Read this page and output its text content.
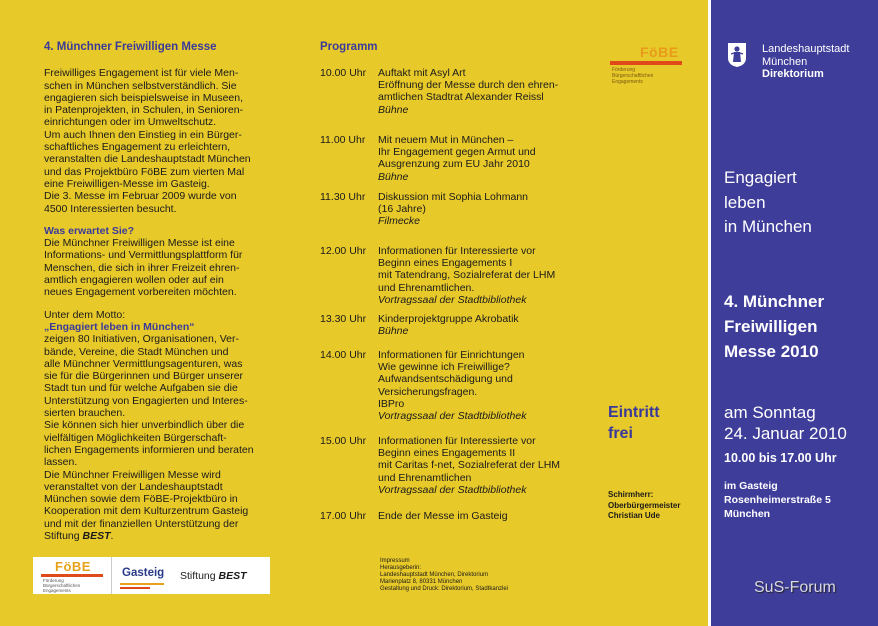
4. Münchner Freiwilligen Messe

Freiwilliges Engagement ist für viele Men-
schen in München selbstverständlich. Sie
engagieren sich beispielsweise in Museen,
in Patenprojekten, in Schulen, in Senioren-
einrichtungen oder im Umweltschutz.
Um auch Ihnen den Einstieg in ein Bürger-
schaftliches Engagement zu erleichtern,
veranstalten die Landeshauptstadt München
und das Projektbüro FöBE zum vierten Mal
eine Freiwilligen-Messe im Gasteig.
Die 3. Messe im Februar 2009 wurde von
4500 Interessierten besucht.

Was erwartet Sie?

Die Münchner Freiwilligen Messe ist eine
Informations- und Vermittlungsplattform für
Menschen, die sich in ihrer Freizeit ehren-
amtlich engagieren wollen oder auf ein
neues Engagement vorbereiten möchten.

Unter dem Motto:
„Engagiert leben in München“

zeigen 80 Initiativen, Organisationen, Ver-
bände, Vereine, die Stadt München und
alle Münchner Vermittlungsagenturen, was
sie für die Bürgerinnen und Bürger unserer
Stadt tun und für welche Aufgaben sie die
Unterstützung von Engagierten und Interes-
sierten brauchen.
Sie können sich hier unverbindlich über die
vielfältigen Möglichkeiten Bürgerschaft-
lichen Engagements informieren und beraten
lassen.
Die Münchner Freiwilligen Messe wird
veranstaltet von der Landeshauptstadt
München sowie dem FöBE-Projektbüro in
Kooperation mit dem Kulturzentrum Gasteig
und mit der finanziellen Unterstützung der
Stiftung BEST.

FöBE
Förderung
Bürgerschaftlichen
Engagements
Gasteig	Stiftung BEST
Programm
10.00 Uhr	Auftakt mit Asyl Art
Eröffnung der Messe durch den ehren-
amtlichen Stadtrat Alexander Reissl
Bühne
11.00 Uhr	Mit neuem Mut in München –
Ihr Engagement gegen Armut und
Ausgrenzung zum EU Jahr 2010
Bühne
11.30 Uhr	Diskussion mit Sophia Lohmann
(16 Jahre)
Filmecke
12.00 Uhr	Informationen für Interessierte vor
Beginn eines Engagements I
mit Tatendrang, Sozialreferat der LHM
und Ehrenamtlichen.
Vortragssaal der Stadtbibliothek
13.30 Uhr	Kinderprojektgruppe Akrobatik
Bühne
14.00 Uhr	Informationen für Einrichtungen
Wie gewinne ich Freiwillige?
Aufwandsentschädigung und
Versicherungsfragen.
IBPro
Vortragssaal der Stadtbibliothek
15.00 Uhr	Informationen für Interessierte vor
Beginn eines Engagements II
mit Caritas f-net, Sozialreferat der LHM
und Ehrenamtlichen
Vortragssaal der Stadtbibliothek
17.00 Uhr	Ende der Messe im Gasteig
Impressum
Herausgeberin:
Landeshauptstadt München, Direktorium
Marienplatz 8, 80331 München
Gestaltung und Druck: Direktorium, Stadtkanzlei
FöBE
Förderung
Bürgerschaftlichen
Engagements
Eintritt
frei
Schirmherr:
Oberbürgermeister
Christian Ude
Landeshauptstadt
München
Direktorium
Engagiert
leben
in München
4. Münchner
Freiwilligen
Messe 2010
am Sonntag
24. Januar 2010
10.00 bis 17.00 Uhr
im Gasteig
Rosenheimerstraße 5
München
SuS-Forum
